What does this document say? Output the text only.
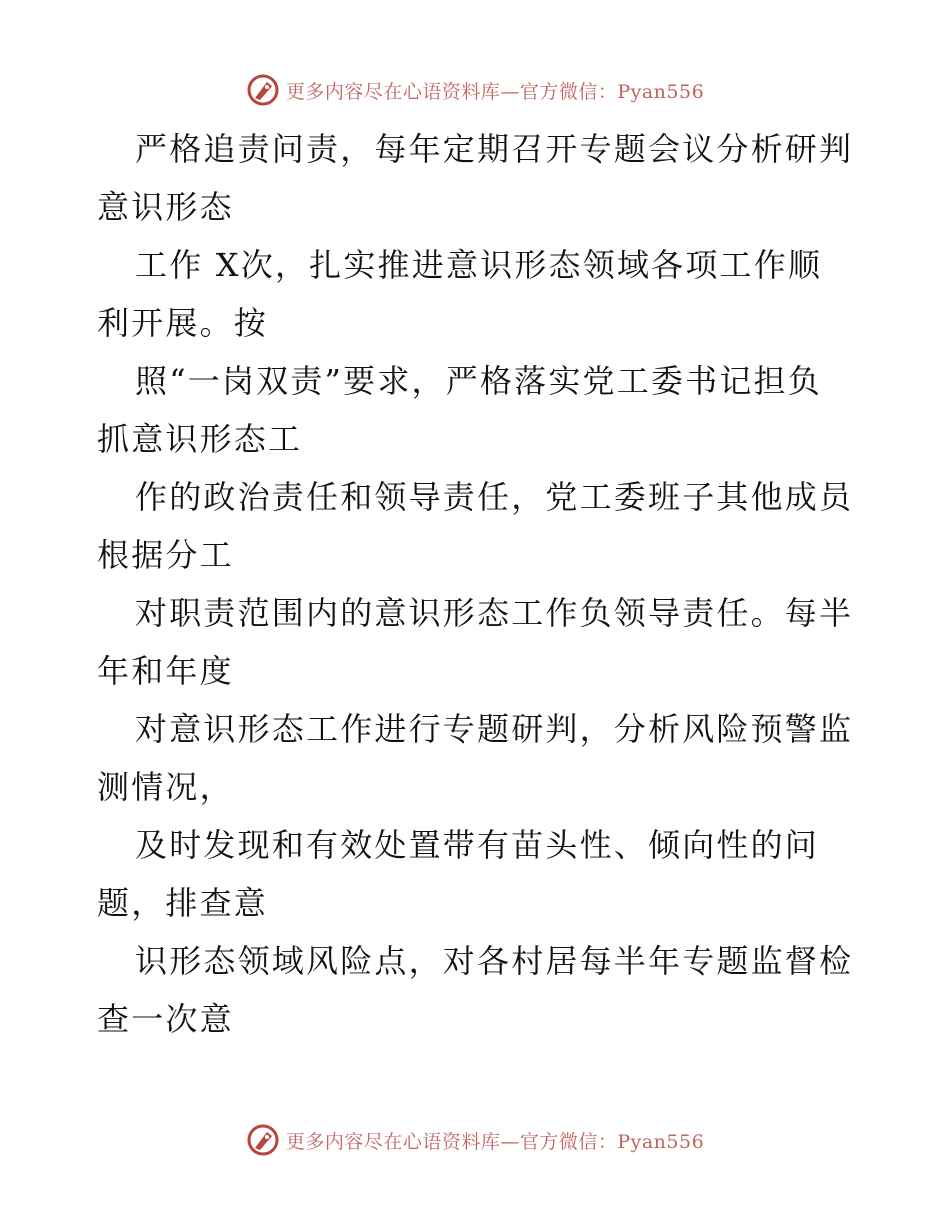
更多内容尽在心语资料库—官方微信：Pyan556
严格追责问责，每年定期召开专题会议分析研判
意识形态
工作 X次，扎实推进意识形态领域各项工作顺
利开展。按
照“一岗双责”要求，严格落实党工委书记担负
抓意识形态工
作的政治责任和领导责任，党工委班子其他成员
根据分工
对职责范围内的意识形态工作负领导责任。每半
年和年度
对意识形态工作进行专题研判，分析风险预警监
测情况，
及时发现和有效处置带有苗头性、倾向性的问
题，排查意
识形态领域风险点，对各村居每半年专题监督检
查一次意
更多内容尽在心语资料库—官方微信：Pyan556
